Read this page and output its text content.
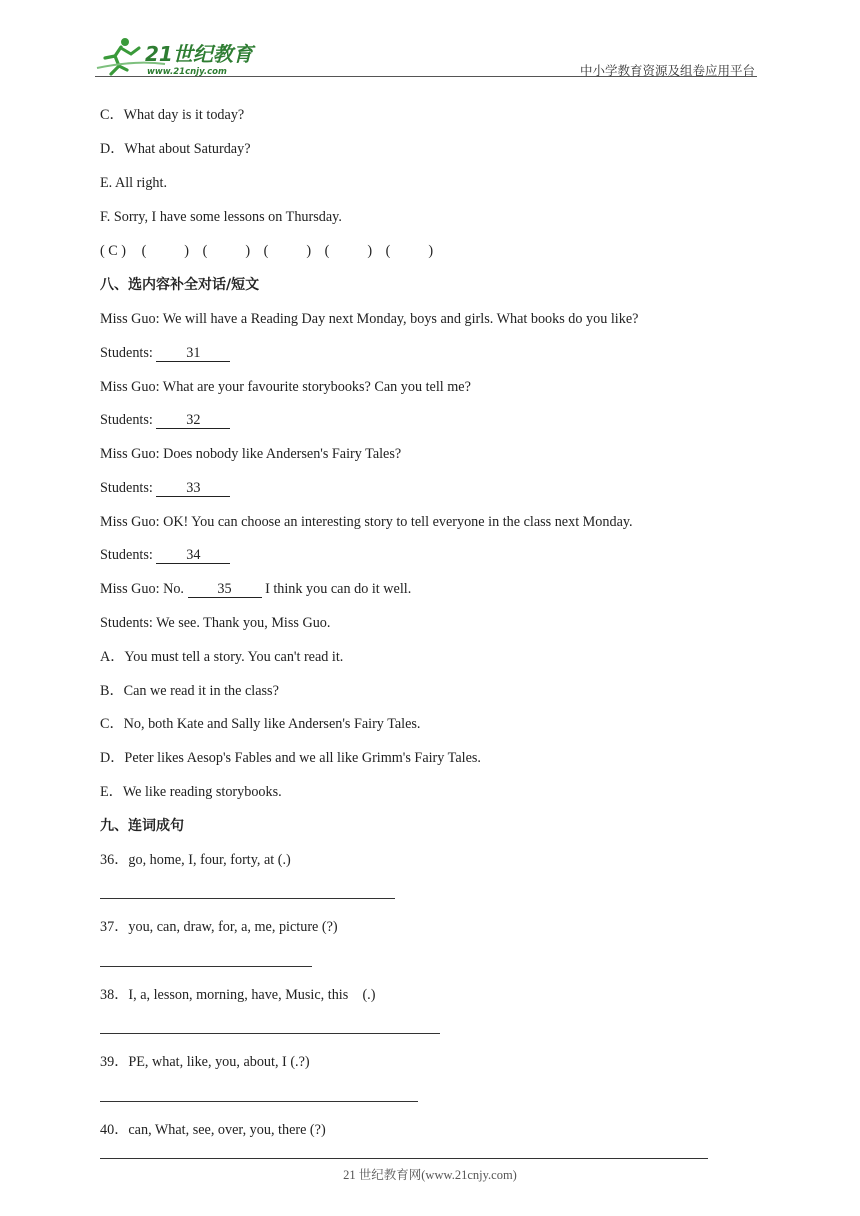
21世纪教育
www.21cnjy.com	中小学教育资源及组卷应用平台
C．What day is it today?
D．What about Saturday?
E. All right.
F. Sorry, I have some lessons on Thursday.
( C ) (	) (	) (	) (	) (	)
八、选内容补全对话/短文
Miss Guo: We will have a Reading Day next Monday, boys and girls. What books do you like?
Students: 31
Miss Guo: What are your favourite storybooks? Can you tell me?
Students: 32
Miss Guo: Does nobody like Andersen's Fairy Tales?
Students: 33
Miss Guo: OK! You can choose an interesting story to tell everyone in the class next Monday.
Students: 34
Miss Guo: No. 35 I think you can do it well.
Students: We see. Thank you, Miss Guo.
A．You must tell a story. You can't read it.
B．Can we read it in the class?
C．No, both Kate and Sally like Andersen's Fairy Tales.
D．Peter likes Aesop's Fables and we all like Grimm's Fairy Tales.
E．We like reading storybooks.
九、连词成句
36．go, home, I, four, forty, at (.)
37．you, can, draw, for, a, me, picture (?)
38．I, a, lesson, morning, have, Music, this　(.)
39．PE, what, like, you, about, I (.?)
40．can, What, see, over, you, there (?)
21 世纪教育网(www.21cnjy.com)
